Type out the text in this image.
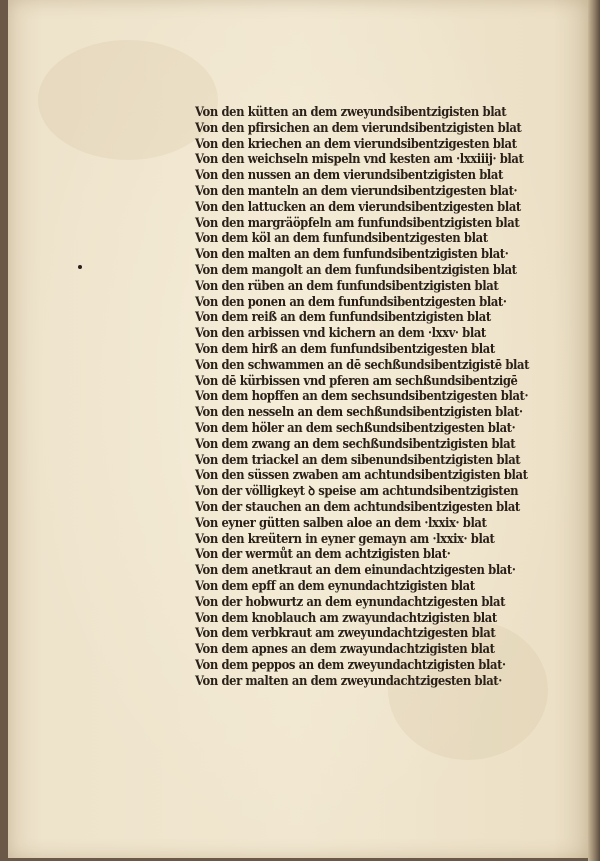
Von den kütten an dem zweyundsibentzigisten blat
Von den pfirsichen an dem vierundsibentzigisten blat
Von den kriechen an dem vierundsibentzigesten blat
Von den weichseln mispeln vnd kesten am ·lxxiiij· blat
Von den nussen an dem vierundsibentzigisten blat
Von den manteln an dem vierundsibentzigesten blat·
Von den lattucken an dem vierundsibentzigesten blat
Von den margräöpfeln am funfundsibentzigisten blat
Von dem köl an dem funfundsibentzigesten blat
Von den malten an dem funfundsibentzigisten blat·
Von dem mangolt an dem funfundsibentzigisten blat
Von den rüben an dem funfundsibentzigisten blat
Von den ponen an dem funfundsibentzigesten blat·
Von dem reiß an dem funfundsibentzigisten blat
Von den arbissen vnd kichern an dem ·lxxv· blat
Von dem hirß an dem funfundsibentzigesten blat
Von den schwammen an dē sechßundsibentzigistē blat
Von dē kürbissen vnd pferen am sechßundsibentzigē
Von dem hopffen an dem sechsundsibentzigesten blat·
Von den nesseln an dem sechßundsibentzigisten blat·
Von dem höler an dem sechßundsibentzigesten blat·
Von dem zwang an dem sechßundsibentzigisten blat
Von dem triackel an dem sibenundsibentzigisten blat
Von den süssen zwaben am achtundsibentzigisten blat
Von der völligkeyt ꝺ speise am achtundsibentzigisten
Von der stauchen an dem achtundsibentzigesten blat
Von eyner gütten salben aloe an dem ·lxxix· blat
Von den kreütern in eyner gemayn am ·lxxix· blat
Von der wermůt an dem achtzigisten blat·
Von dem anetkraut an dem einundachtzigesten blat·
Von dem epff an dem eynundachtzigisten blat
Von der hobwurtz an dem eynundachtzigesten blat
Von dem knoblauch am zwayundachtzigisten blat
Von dem verbkraut am zweyundachtzigesten blat
Von dem apnes an dem zwayundachtzigisten blat
Von dem peppos an dem zweyundachtzigisten blat·
Von der malten an dem zweyundachtzigesten blat·
